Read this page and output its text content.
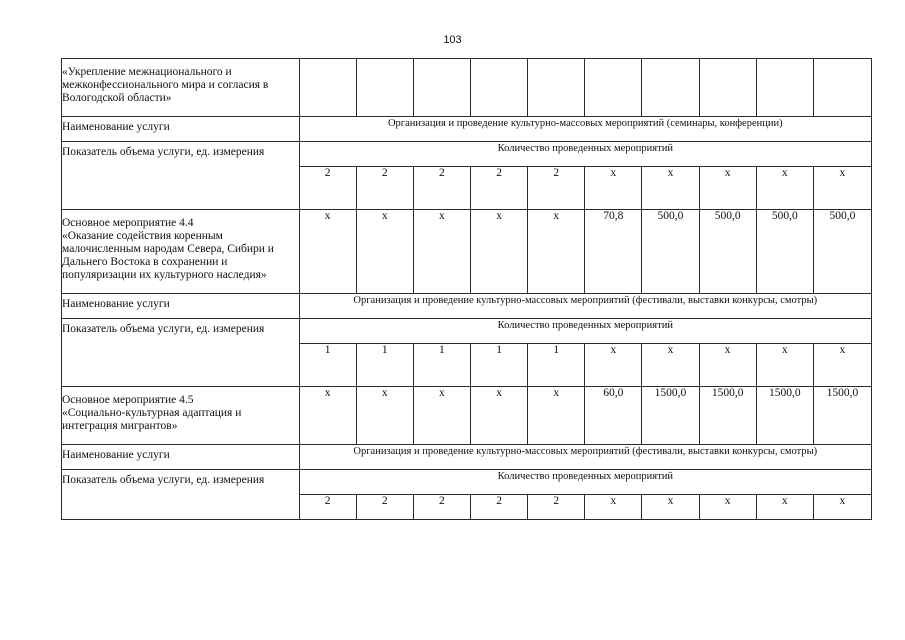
103
«Укрепление межнационального и межконфессионального мира и согласия в Вологодской области»										
Наименование услуги	Организация и проведение культурно-массовых мероприятий (семинары, конференции)									
Показатель объема услуги, ед. измерения	Количество проведенных мероприятий									
	2	2	2	2	2	х	х	х	х	х

Основное мероприятие 4.4
«Оказание содействия коренным малочисленным народам Севера, Сибири и Дальнего Востока в сохранении и популяризации их культурного наследия»	х	х	х	х	х	70,8	500,0	500,0	500,0	500,0
Наименование услуги	Организация и проведение культурно-массовых мероприятий (фестивали, выставки конкурсы, смотры)									
Показатель объема услуги, ед. измерения	Количество проведенных мероприятий									
	1	1	1	1	1	х	х	х	х	х

Основное мероприятие 4.5
«Социально-культурная адаптация и интеграция мигрантов»	х	х	х	х	х	60,0	1500,0	1500,0	1500,0	1500,0
Наименование услуги	Организация и проведение культурно-массовых мероприятий (фестивали, выставки конкурсы, смотры)									
Показатель объема услуги, ед. измерения	Количество проведенных мероприятий									
	2	2	2	2	2	х	х	х	х	х
